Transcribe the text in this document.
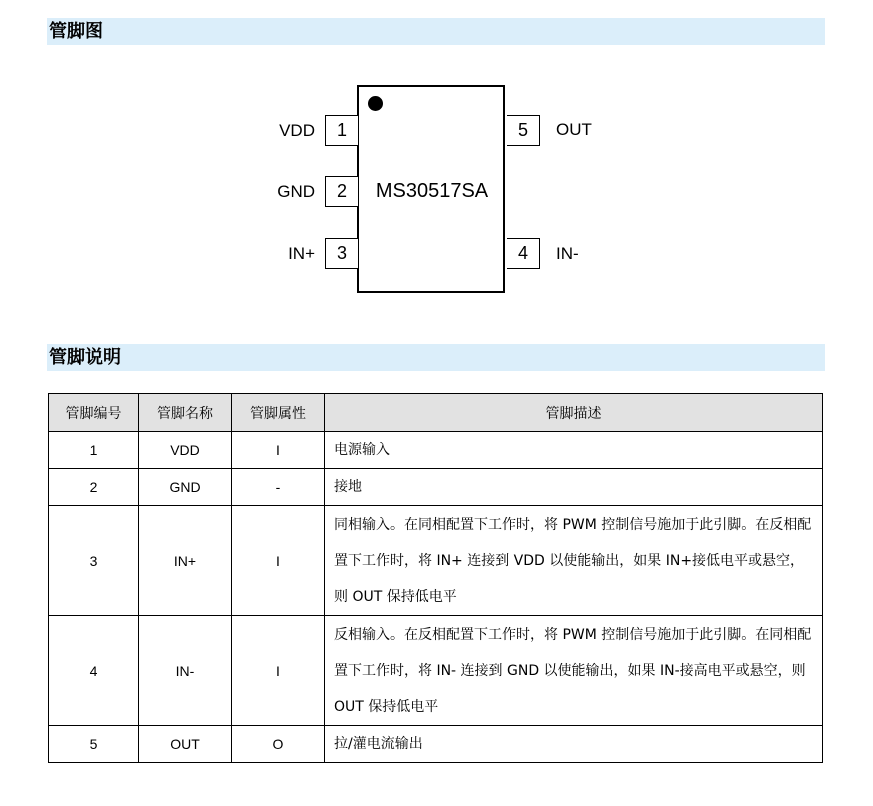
管脚图
MS30517SA
VDD	1
GND	2
IN+	3
5	OUT
4	IN-
管脚说明
管脚编号	管脚名称	管脚属性	管脚描述
1	VDD	I	电源输入
2	GND	-	接地
3	IN+	I	同相输入。在同相配置下工作时，将 PWM 控制信号施加于此引脚。在反相配置下工作时，将 IN+ 连接到 VDD 以使能输出，如果 IN+接低电平或悬空，则 OUT 保持低电平
4	IN-	I	反相输入。在反相配置下工作时，将 PWM 控制信号施加于此引脚。在同相配置下工作时，将 IN- 连接到 GND 以使能输出，如果 IN-接高电平或悬空，则 OUT 保持低电平
5	OUT	O	拉/灌电流输出
